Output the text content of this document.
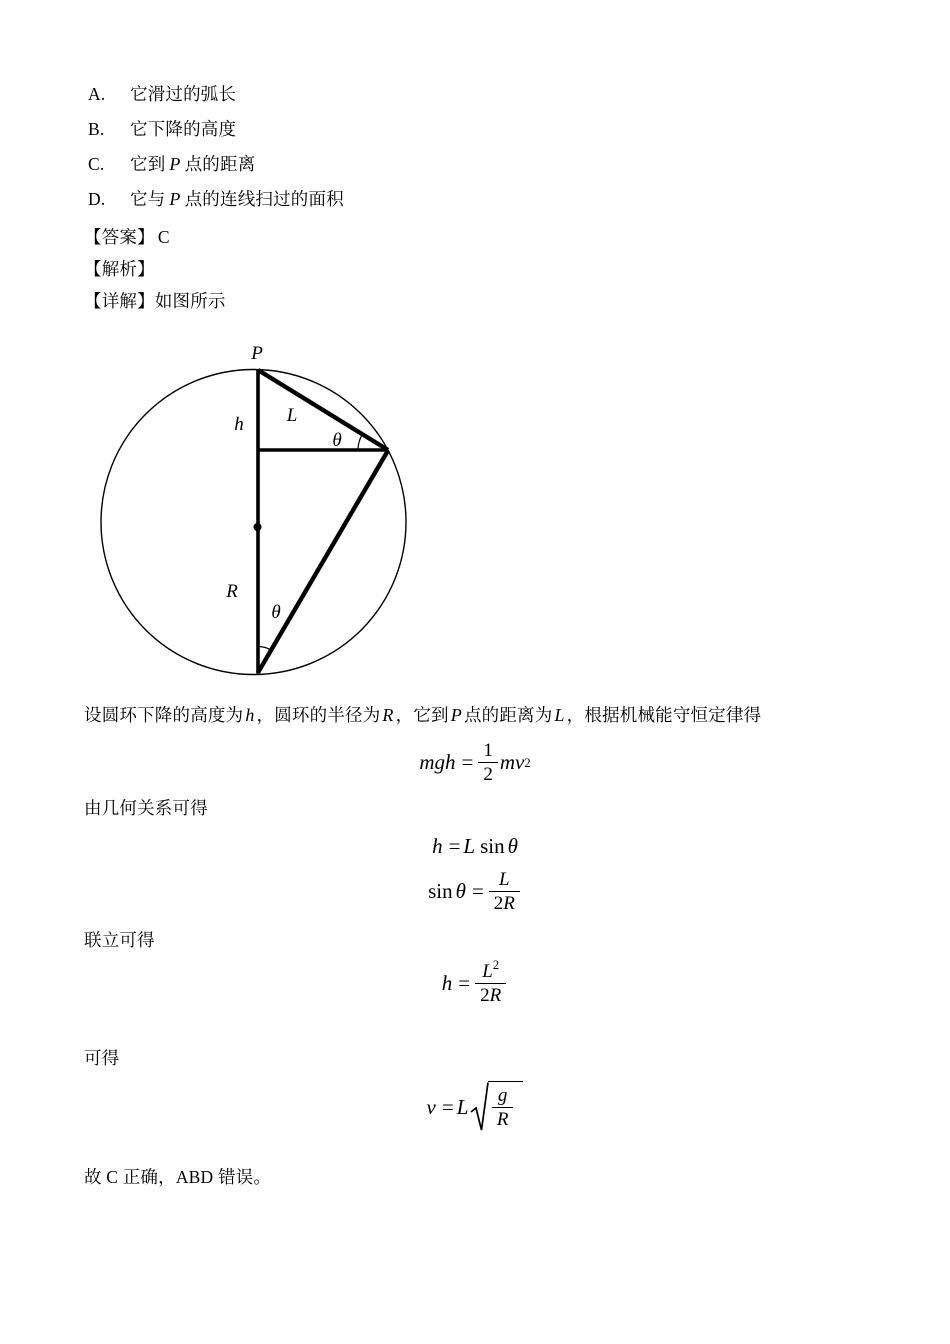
A.	它滑过的弧长
B.	它下降的高度
C.	它到 P 点的距离
D.	它与 P 点的连线扫过的面积
【答案】 C
【解析】
【详解】如图所示
P
h L
θ
R
θ
设圆环下降的高度为 h ，圆环的半径为 R ，它到 P 点的距离为 L ，根据机械能守恒定律得
mgh = $\frac{1}{2}$ mv 2
由几何关系可得
h = L sin θ
$\sin \theta = \frac{L}{2R}$
联立可得
$h = \frac{L^2}{2R}$
可得
v = L $\frac{g}{R}$
故 C 正确，ABD 错误。
